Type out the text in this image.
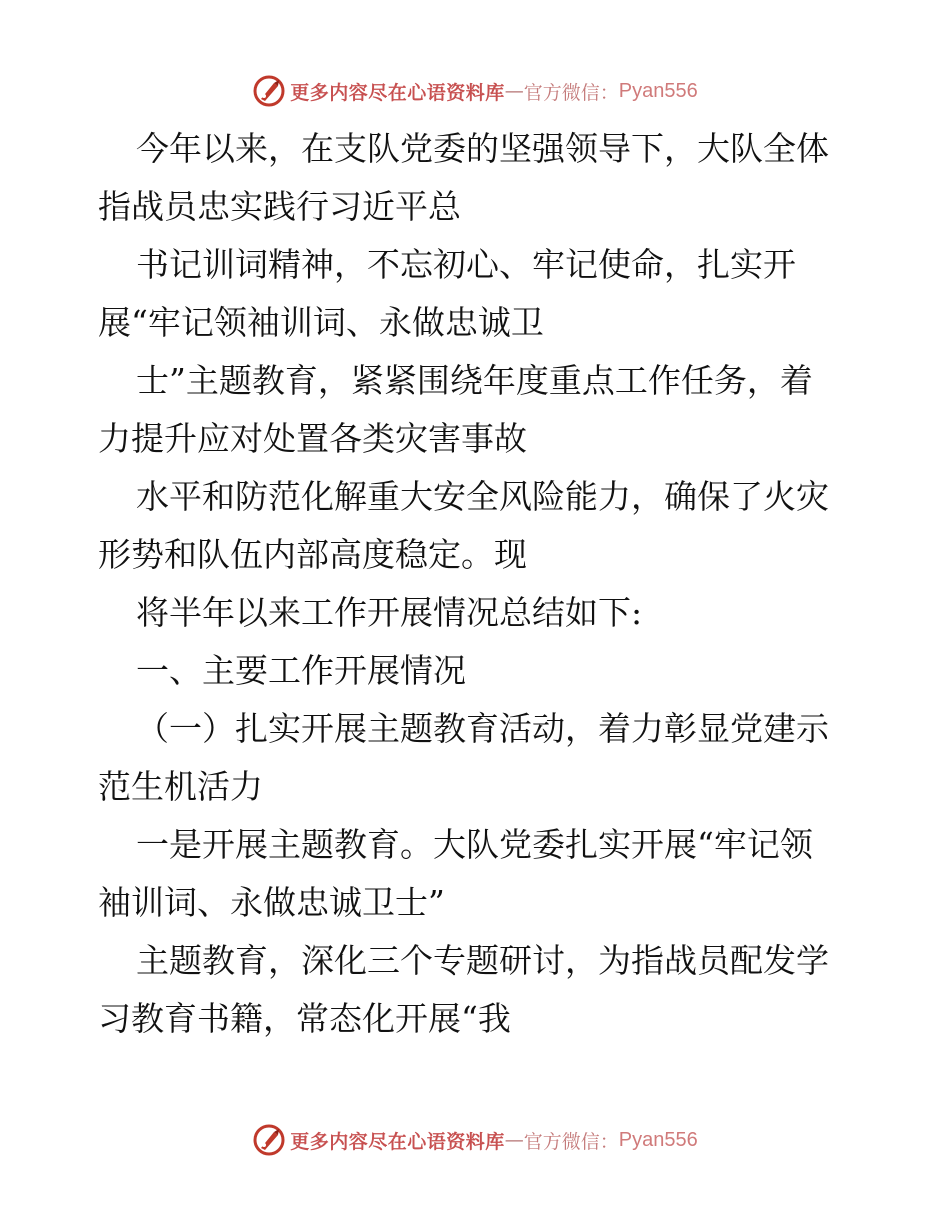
更多内容尽在心语资料库 — 官方微信： Pyan556

今年以来，在支队党委的坚强领导下，大队全体

指战员忠实践行习近平总

书记训词精神，不忘初心、牢记使命，扎实开

展“牢记领袖训词、永做忠诚卫

士”主题教育，紧紧围绕年度重点工作任务，着

力提升应对处置各类灾害事故

水平和防范化解重大安全风险能力，确保了火灾

形势和队伍内部高度稳定。现

将半年以来工作开展情况总结如下:

一、主要工作开展情况

（一）扎实开展主题教育活动，着力彰显党建示

范生机活力

一是开展主题教育。大队党委扎实开展“牢记领

袖训词、永做忠诚卫士”

主题教育，深化三个专题研讨，为指战员配发学

习教育书籍，常态化开展“我

更多内容尽在心语资料库 — 官方微信： Pyan556
